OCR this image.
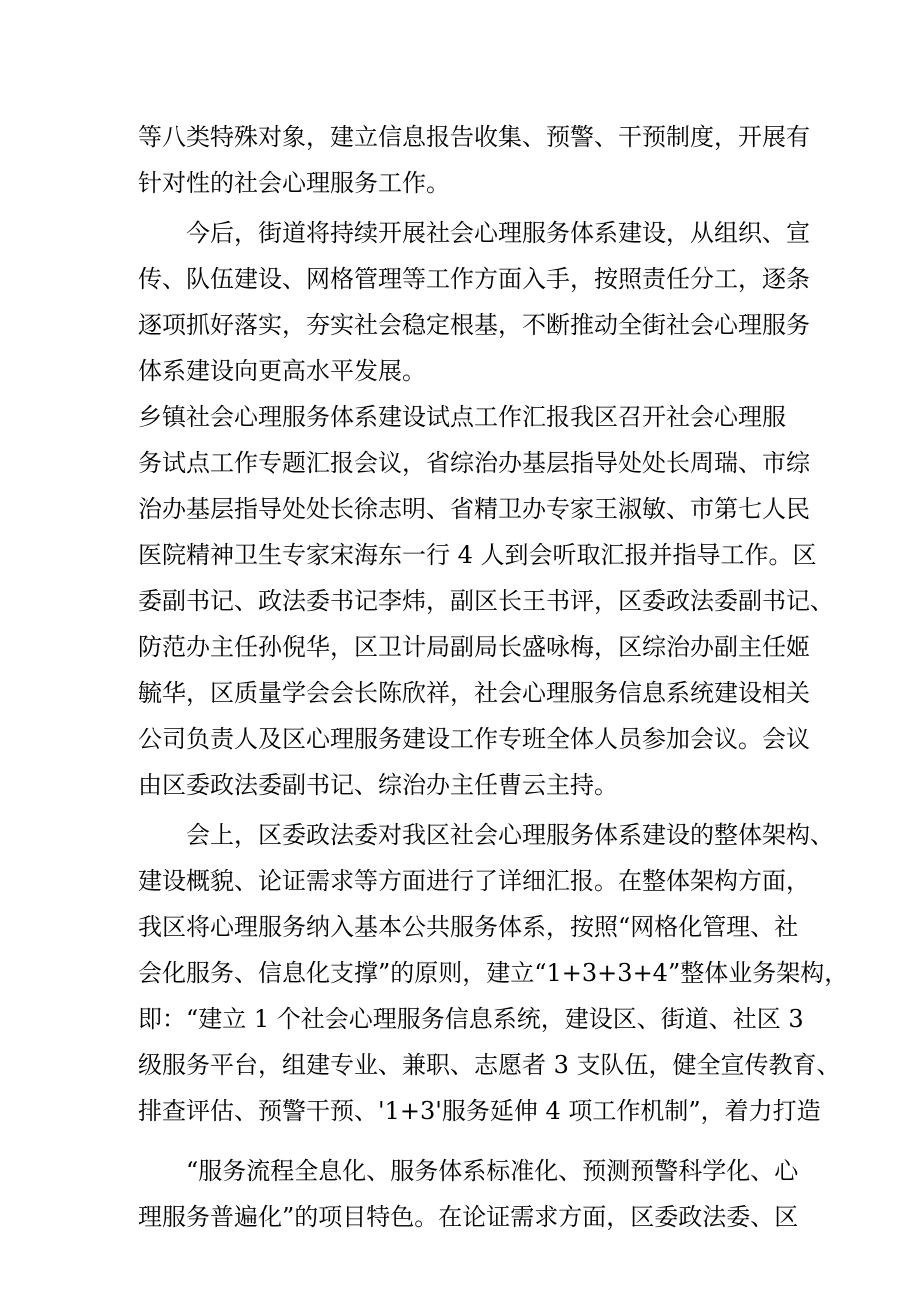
等八类特殊对象，建立信息报告收集、预警、干预制度，开展有
针对性的社会心理服务工作。
今后，街道将持续开展社会心理服务体系建设，从组织、宣
传、队伍建设、网格管理等工作方面入手，按照责任分工，逐条
逐项抓好落实，夯实社会稳定根基，不断推动全街社会心理服务
体系建设向更高水平发展。
乡镇社会心理服务体系建设试点工作汇报我区召开社会心理服
务试点工作专题汇报会议，省综治办基层指导处处长周瑞、市综
治办基层指导处处长徐志明、省精卫办专家王淑敏、市第七人民
医院精神卫生专家宋海东一行 4 人到会听取汇报并指导工作。区
委副书记、政法委书记李炜，副区长王书评，区委政法委副书记、
防范办主任孙倪华，区卫计局副局长盛咏梅，区综治办副主任姬
毓华，区质量学会会长陈欣祥，社会心理服务信息系统建设相关
公司负责人及区心理服务建设工作专班全体人员参加会议。会议
由区委政法委副书记、综治办主任曹云主持。
会上，区委政法委对我区社会心理服务体系建设的整体架构、
建设概貌、论证需求等方面进行了详细汇报。在整体架构方面，
我区将心理服务纳入基本公共服务体系，按照“网格化管理、社
会化服务、信息化支撑”的原则，建立“1+3+3+4”整体业务架构，
即：“建立 1 个社会心理服务信息系统，建设区、街道、社区 3
级服务平台，组建专业、兼职、志愿者 3 支队伍，健全宣传教育、
排查评估、预警干预、'1+3'服务延伸 4 项工作机制”，着力打造
“服务流程全息化、服务体系标准化、预测预警科学化、心
理服务普遍化”的项目特色。在论证需求方面，区委政法委、区
